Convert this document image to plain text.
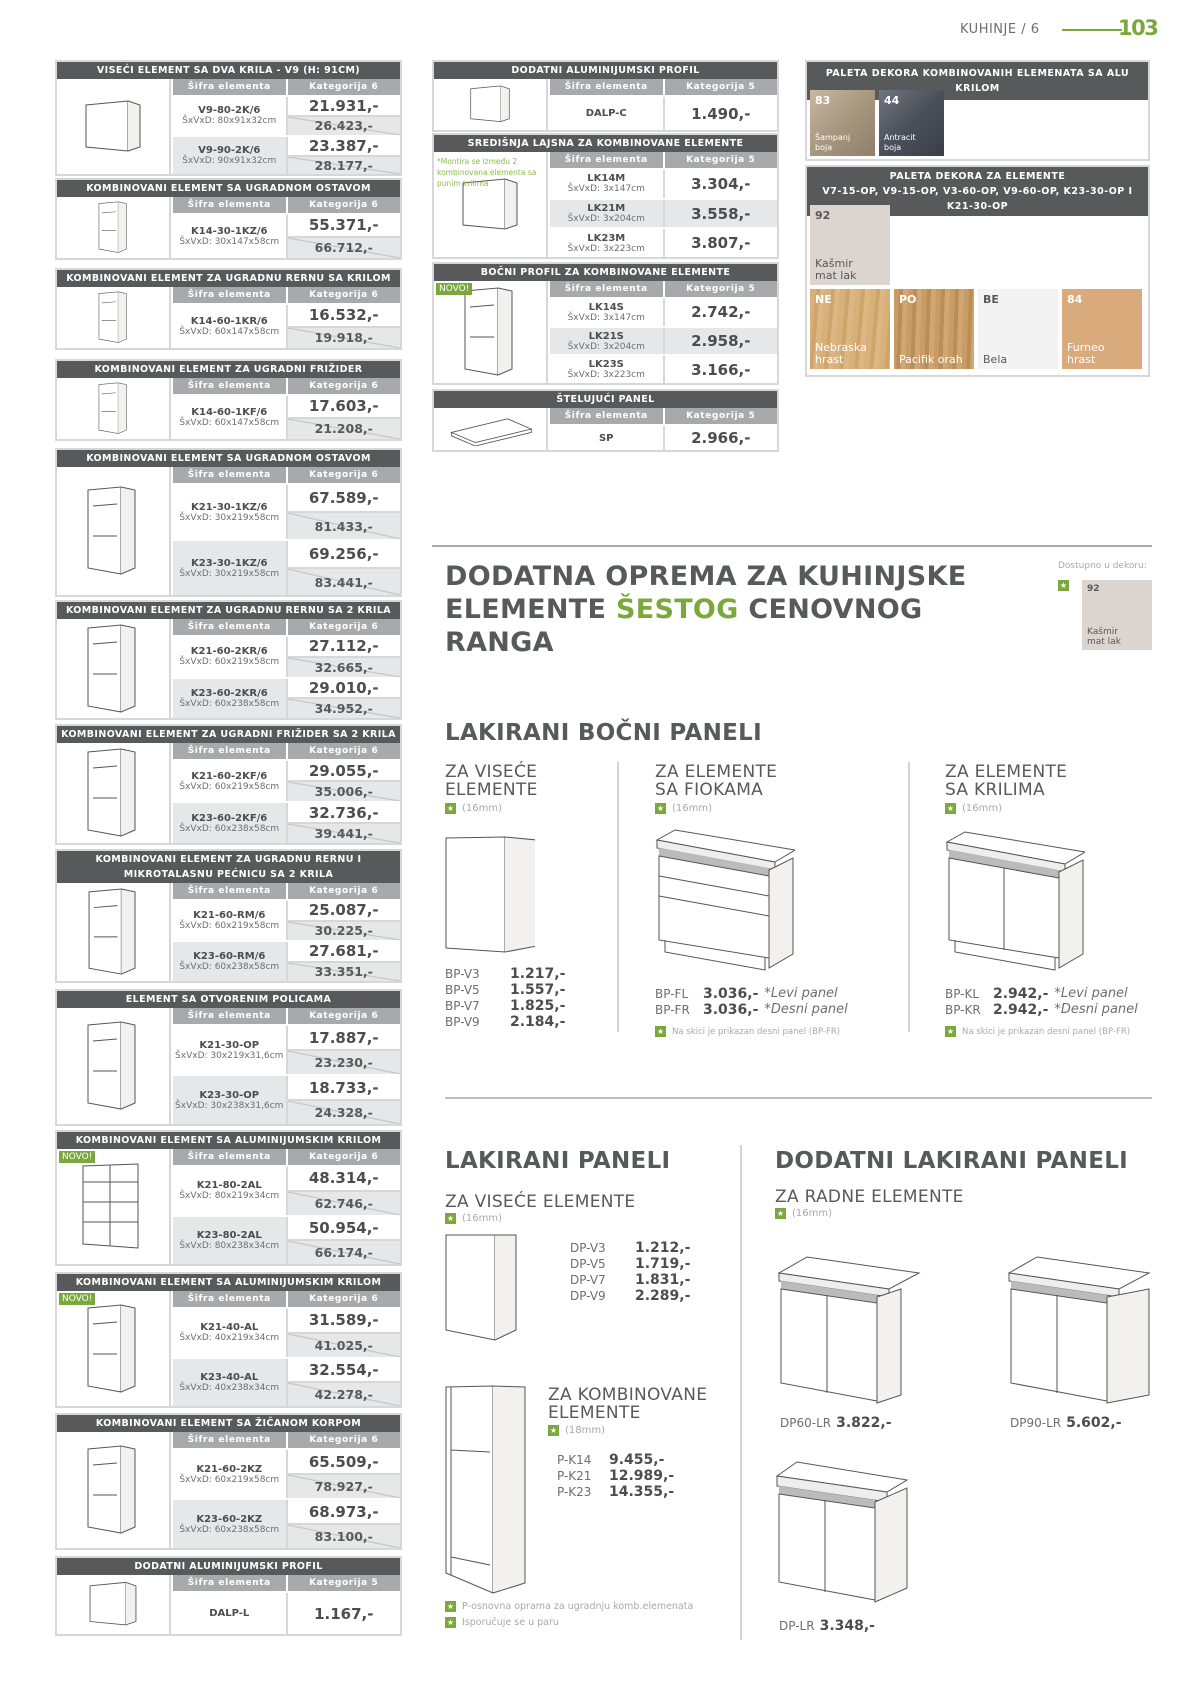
KUHINJE / 6	103
PALETA DEKORA KOMBINOVANIH ELEMENATA SA ALU KRILOM
83
Šampanj boja
44
Antracit boja
PALETA DEKORA ZA ELEMENTE
V7-15-OP, V9-15-OP, V3-60-OP, V9-60-OP, K23-30-OP I K21-30-OP
92
Kašmir mat lak
NE
Nebraska hrast
PO
Pacifik orah
BE
Bela
84
Furneo hrast
DODATNA OPREMA ZA KUHINJSKE ELEMENTE ŠESTOG CENOVNOG RANGA
Dostupno u dekoru:
★ 92
Kašmir mat lak
LAKIRANI BOČNI PANELI
ZA VISEĆE ELEMENTE
★ (16mm)
BP-V3	1.217,-
BP-V5	1.557,-
BP-V7	1.825,-
BP-V9	2.184,-
ZA ELEMENTE SA FIOKAMA
★ (16mm)
BP-FL	3.036,- *Levi panel
BP-FR 3.036,- *Desni panel
★ Na skici je prikazan desni panel (BP-FR)
ZA ELEMENTE SA KRILIMA
★ (16mm)
BP-KL 2.942,- *Levi panel
BP-KR 2.942,- *Desni panel
★ Na skici je prikazan desni panel (BP-FR)
LAKIRANI PANELI
ZA VISEĆE ELEMENTE
★ (16mm)
DP-V3	1.212,-
DP-V5	1.719,-
DP-V7	1.831,-
DP-V9	2.289,-
ZA KOMBINOVANE ELEMENTE
★ (18mm)
P-K14	9.455,-
P-K21	12.989,-
P-K23	14.355,-
★ P-osnovna oprama za ugradnju komb.elemenata
★ Isporučuje se u paru
DODATNI LAKIRANI PANELI
ZA RADNE ELEMENTE
★ (16mm)
DP60-LR 3.822,-	DP90-LR 5.602,-
DP-LR 3.348,-
VISEĆI ELEMENT SA DVA KRILA - V9 (H: 91CM)
Šifra elementa	Kategorija 6
V9-80-2K/6
ŠxVxD: 80x91x32cm
21.931,-
26.423,-
V9-90-2K/6
ŠxVxD: 90x91x32cm
23.387,-
28.177,-
KOMBINOVANI ELEMENT SA UGRADNOM OSTAVOM
Šifra elementa	Kategorija 6
K14-30-1KZ/6
ŠxVxD: 30x147x58cm
55.371,-
66.712,-
KOMBINOVANI ELEMENT ZA UGRADNU RERNU SA KRILOM
Šifra elementa	Kategorija 6
K14-60-1KR/6
ŠxVxD: 60x147x58cm
16.532,-
19.918,-
KOMBINOVANI ELEMENT ZA UGRADNI FRIŽIDER
Šifra elementa	Kategorija 6
K14-60-1KF/6
ŠxVxD: 60x147x58cm
17.603,-
21.208,-
KOMBINOVANI ELEMENT SA UGRADNOM OSTAVOM
Šifra elementa	Kategorija 6
K21-30-1KZ/6
ŠxVxD: 30x219x58cm
67.589,-
81.433,-
K23-30-1KZ/6
ŠxVxD: 30x219x58cm
69.256,-
83.441,-
KOMBINOVANI ELEMENT ZA UGRADNU RERNU SA 2 KRILA
Šifra elementa	Kategorija 6
K21-60-2KR/6
ŠxVxD: 60x219x58cm
27.112,-
32.665,-
K23-60-2KR/6
ŠxVxD: 60x238x58cm
29.010,-
34.952,-
KOMBINOVANI ELEMENT ZA UGRADNI FRIŽIDER SA 2 KRILA
Šifra elementa	Kategorija 6
K21-60-2KF/6
ŠxVxD: 60x219x58cm
29.055,-
35.006,-
K23-60-2KF/6
ŠxVxD: 60x238x58cm
32.736,-
39.441,-
KOMBINOVANI ELEMENT ZA UGRADNU RERNU I MIKROTALASNU PEĆNICU SA 2 KRILA
Šifra elementa	Kategorija 6
K21-60-RM/6
ŠxVxD: 60x219x58cm
25.087,-
30.225,-
K23-60-RM/6
ŠxVxD: 60x238x58cm
27.681,-
33.351,-
ELEMENT SA OTVORENIM POLICAMA
Šifra elementa	Kategorija 6
K21-30-OP
ŠxVxD: 30x219x31,6cm
17.887,-
23.230,-
K23-30-OP
ŠxVxD: 30x238x31,6cm
18.733,-
24.328,-
KOMBINOVANI ELEMENT SA ALUMINIJUMSKIM KRILOM
NOVO!	Šifra elementa	Kategorija 6
K21-80-2AL
ŠxVxD: 80x219x34cm
48.314,-
62.746,-
K23-80-2AL
ŠxVxD: 80x238x34cm
50.954,-
66.174,-
KOMBINOVANI ELEMENT SA ALUMINIJUMSKIM KRILOM
NOVO!	Šifra elementa	Kategorija 6
K21-40-AL
ŠxVxD: 40x219x34cm
31.589,-
41.025,-
K23-40-AL
ŠxVxD: 40x238x34cm
32.554,-
42.278,-
KOMBINOVANI ELEMENT SA ŽIČANOM KORPOM
Šifra elementa	Kategorija 6
K21-60-2KZ
ŠxVxD: 60x219x58cm
65.509,-
78.927,-
K23-60-2KZ
ŠxVxD: 60x238x58cm
68.973,-
83.100,-
DODATNI ALUMINIJUMSKI PROFIL
Šifra elementa	Kategorija 5
DALP-L	1.167,-
DODATNI ALUMINIJUMSKI PROFIL
Šifra elementa	Kategorija 5
DALP-C	1.490,-
SREDIŠNJA LAJSNA ZA KOMBINOVANE ELEMENTE
*Montira se između 2 kombinovana elementa sa punim krilima
Šifra elementa	Kategorija 5
LK14M
ŠxVxD: 3x147cm	3.304,-
LK21M
ŠxVxD: 3x204cm	3.558,-
LK23M
ŠxVxD: 3x223cm	3.807,-
BOČNI PROFIL ZA KOMBINOVANE ELEMENTE
NOVO!	Šifra elementa	Kategorija 5
LK14S
ŠxVxD: 3x147cm	2.742,-
LK21S
ŠxVxD: 3x204cm	2.958,-
LK23S
ŠxVxD: 3x223cm	3.166,-
ŠTELUJUĆI PANEL
Šifra elementa	Kategorija 5
SP	2.966,-
